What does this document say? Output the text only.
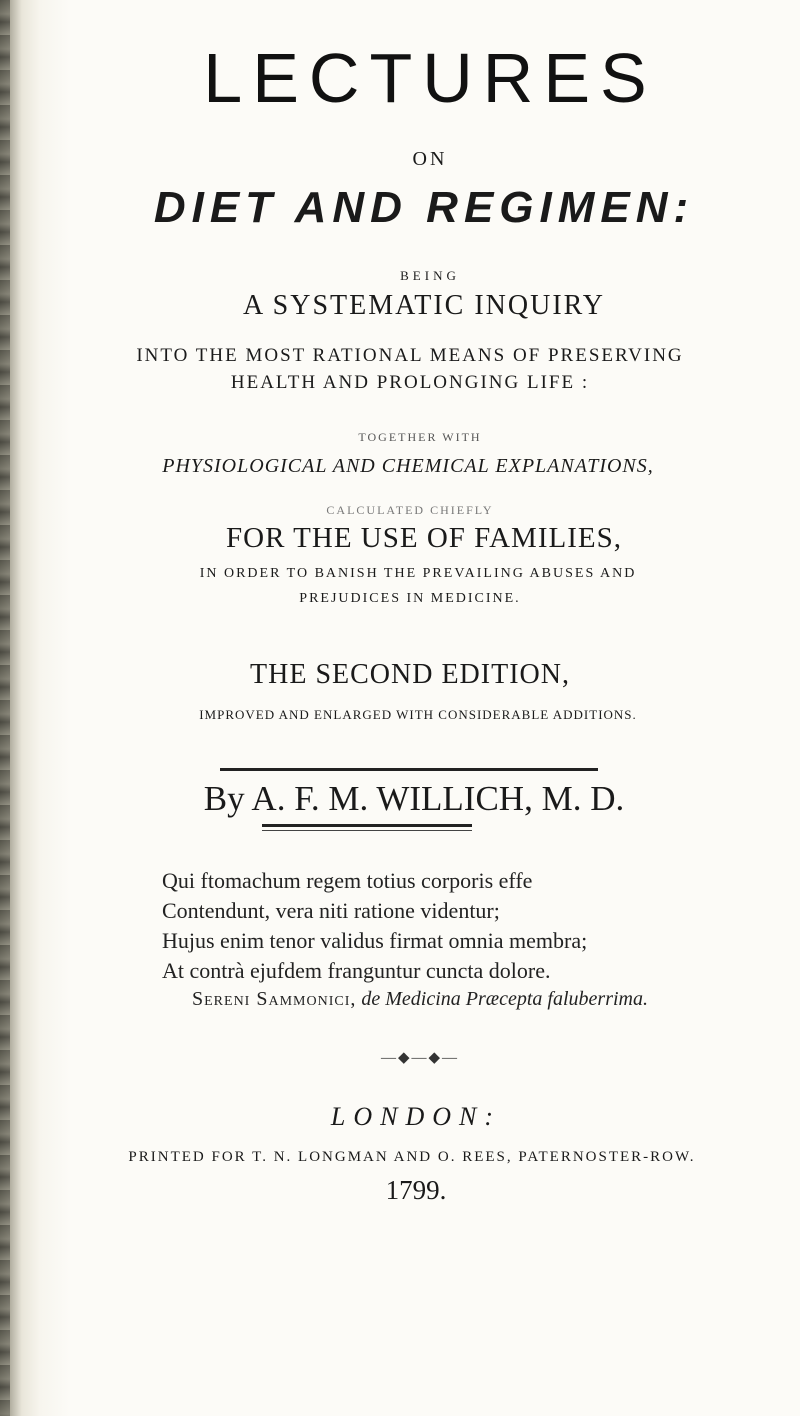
LECTURES
ON
DIET AND REGIMEN:
BEING
A SYSTEMATIC INQUIRY
INTO THE MOST RATIONAL MEANS OF PRESERVING
HEALTH AND PROLONGING LIFE :
TOGETHER WITH
PHYSIOLOGICAL AND CHEMICAL EXPLANATIONS,
CALCULATED CHIEFLY
FOR THE USE OF FAMILIES,
IN ORDER TO BANISH THE PREVAILING ABUSES AND
PREJUDICES IN MEDICINE.
THE SECOND EDITION,
IMPROVED AND ENLARGED WITH CONSIDERABLE ADDITIONS.
By A. F. M. WILLICH, M. D.
Qui ftomachum regem totius corporis effe
Contendunt, vera niti ratione videntur;
Hujus enim tenor validus firmat omnia membra;
At contrà ejufdem franguntur cuncta dolore.
Sereni Sammonici, de Medicina Præcepta faluberrima.
—◆—◆—
LONDON:
PRINTED FOR T. N. LONGMAN AND O. REES, PATERNOSTER-ROW.
1799.
